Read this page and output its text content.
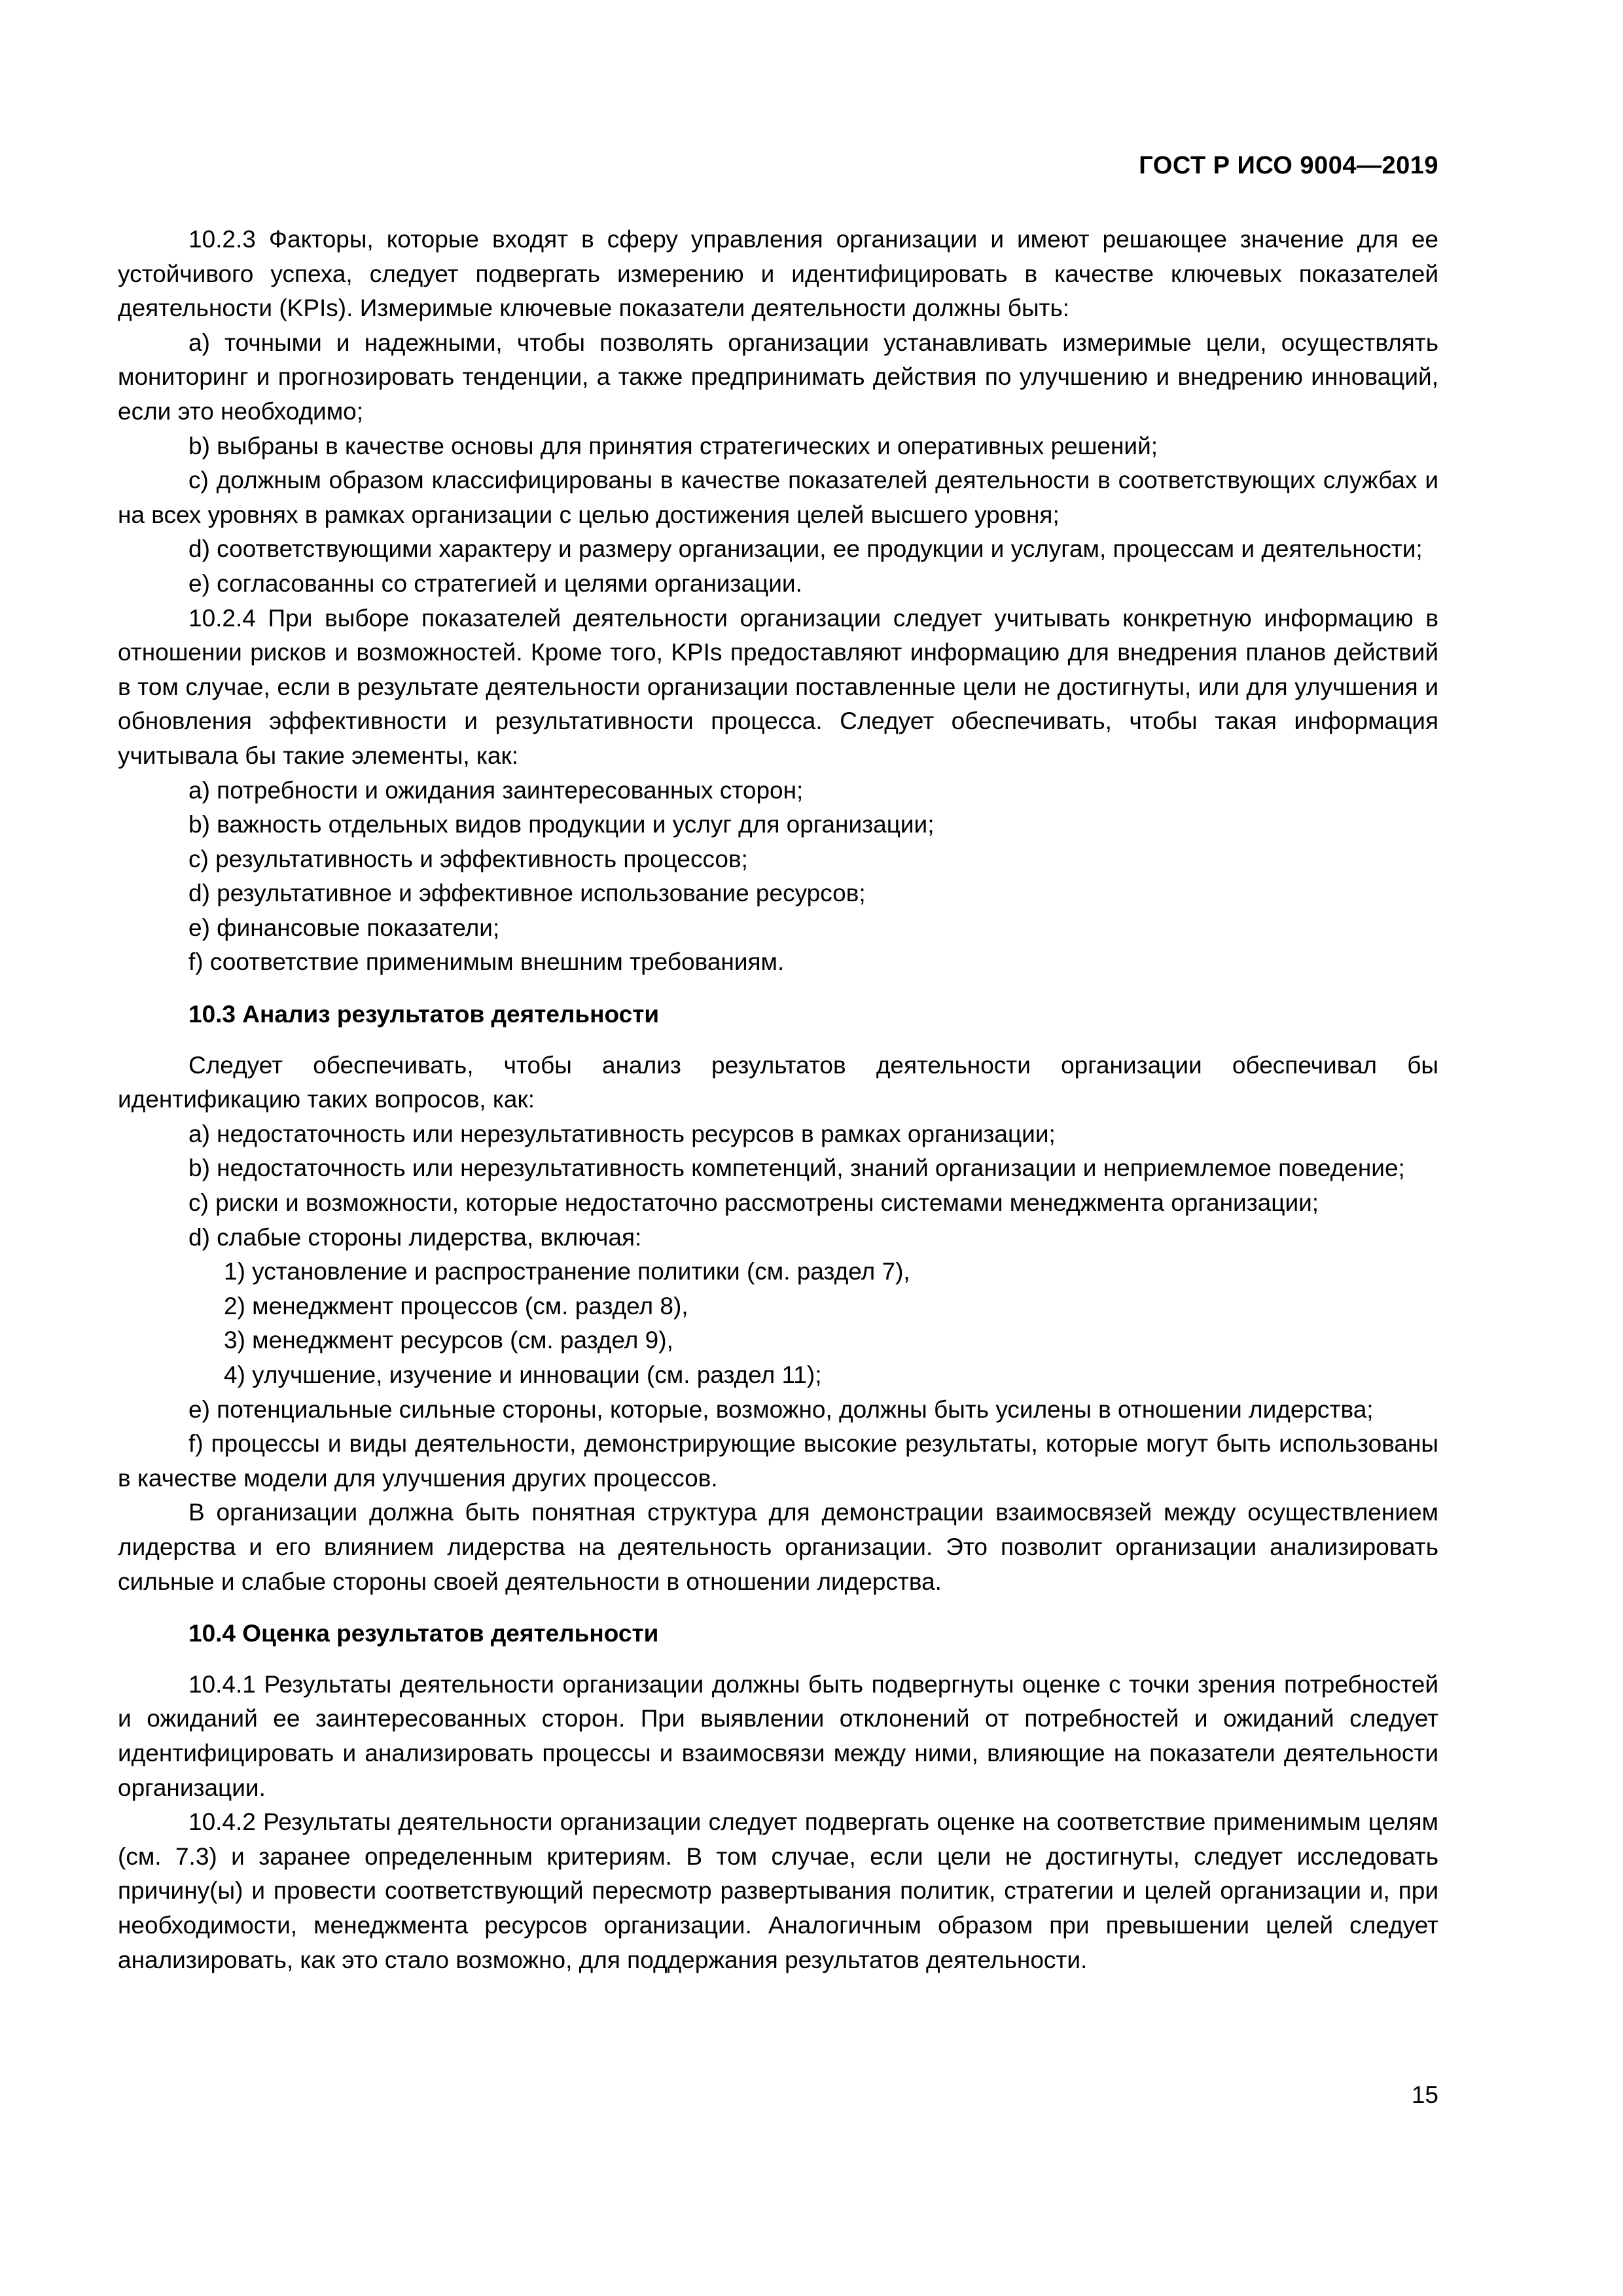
ГОСТ Р ИСО 9004—2019

10.2.3 Факторы, которые входят в сферу управления организации и имеют решающее значение для ее устойчивого успеха, следует подвергать измерению и идентифицировать в качестве ключевых показателей деятельности (KPIs). Измеримые ключевые показатели деятельности должны быть:

a) точными и надежными, чтобы позволять организации устанавливать измеримые цели, осуществлять мониторинг и прогнозировать тенденции, а также предпринимать действия по улучшению и внедрению инноваций, если это необходимо;

b) выбраны в качестве основы для принятия стратегических и оперативных решений;

c) должным образом классифицированы в качестве показателей деятельности в соответствующих службах и на всех уровнях в рамках организации с целью достижения целей высшего уровня;

d) соответствующими характеру и размеру организации, ее продукции и услугам, процессам и деятельности;

e) согласованны со стратегией и целями организации.

10.2.4 При выборе показателей деятельности организации следует учитывать конкретную информацию в отношении рисков и возможностей. Кроме того, KPIs предоставляют информацию для внедрения планов действий в том случае, если в результате деятельности организации поставленные цели не достигнуты, или для улучшения и обновления эффективности и результативности процесса. Следует обеспечивать, чтобы такая информация учитывала бы такие элементы, как:

a) потребности и ожидания заинтересованных сторон;

b) важность отдельных видов продукции и услуг для организации;

c) результативность и эффективность процессов;

d) результативное и эффективное использование ресурсов;

e) финансовые показатели;

f) соответствие применимым внешним требованиям.

10.3 Анализ результатов деятельности

Следует обеспечивать, чтобы анализ результатов деятельности организации обеспечивал бы идентификацию таких вопросов, как:

a) недостаточность или нерезультативность ресурсов в рамках организации;

b) недостаточность или нерезультативность компетенций, знаний организации и неприемлемое поведение;

c) риски и возможности, которые недостаточно рассмотрены системами менеджмента организации;

d) слабые стороны лидерства, включая:

1) установление и распространение политики (см. раздел 7),

2) менеджмент процессов (см. раздел 8),

3) менеджмент ресурсов (см. раздел 9),

4) улучшение, изучение и инновации (см. раздел 11);

e) потенциальные сильные стороны, которые, возможно, должны быть усилены в отношении лидерства;

f) процессы и виды деятельности, демонстрирующие высокие результаты, которые могут быть использованы в качестве модели для улучшения других процессов.

В организации должна быть понятная структура для демонстрации взаимосвязей между осуществлением лидерства и его влиянием лидерства на деятельность организации. Это позволит организации анализировать сильные и слабые стороны своей деятельности в отношении лидерства.

10.4 Оценка результатов деятельности

10.4.1 Результаты деятельности организации должны быть подвергнуты оценке с точки зрения потребностей и ожиданий ее заинтересованных сторон. При выявлении отклонений от потребностей и ожиданий следует идентифицировать и анализировать процессы и взаимосвязи между ними, влияющие на показатели деятельности организации.

10.4.2 Результаты деятельности организации следует подвергать оценке на соответствие применимым целям (см. 7.3) и заранее определенным критериям. В том случае, если цели не достигнуты, следует исследовать причину(ы) и провести соответствующий пересмотр развертывания политик, стратегии и целей организации и, при необходимости, менеджмента ресурсов организации. Аналогичным образом при превышении целей следует анализировать, как это стало возможно, для поддержания результатов деятельности.

15
